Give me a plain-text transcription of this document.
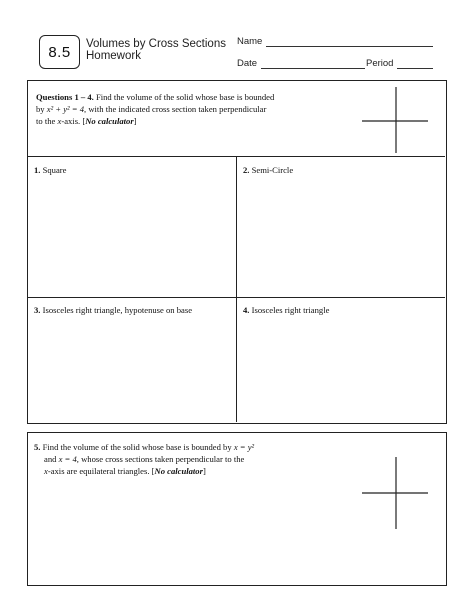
8.5 Volumes by Cross Sections
Homework
Name
Date	Period
Questions 1 – 4. Find the volume of the solid whose base is bounded
by x² + y² = 4, with the indicated cross section taken perpendicular
to the x-axis. [No calculator]
1. Square	2. Semi-Circle
3. Isosceles right triangle, hypotenuse on base	4. Isosceles right triangle
5. Find the volume of the solid whose base is bounded by x = y²
and x = 4, whose cross sections taken perpendicular to the
x-axis are equilateral triangles. [No calculator]
